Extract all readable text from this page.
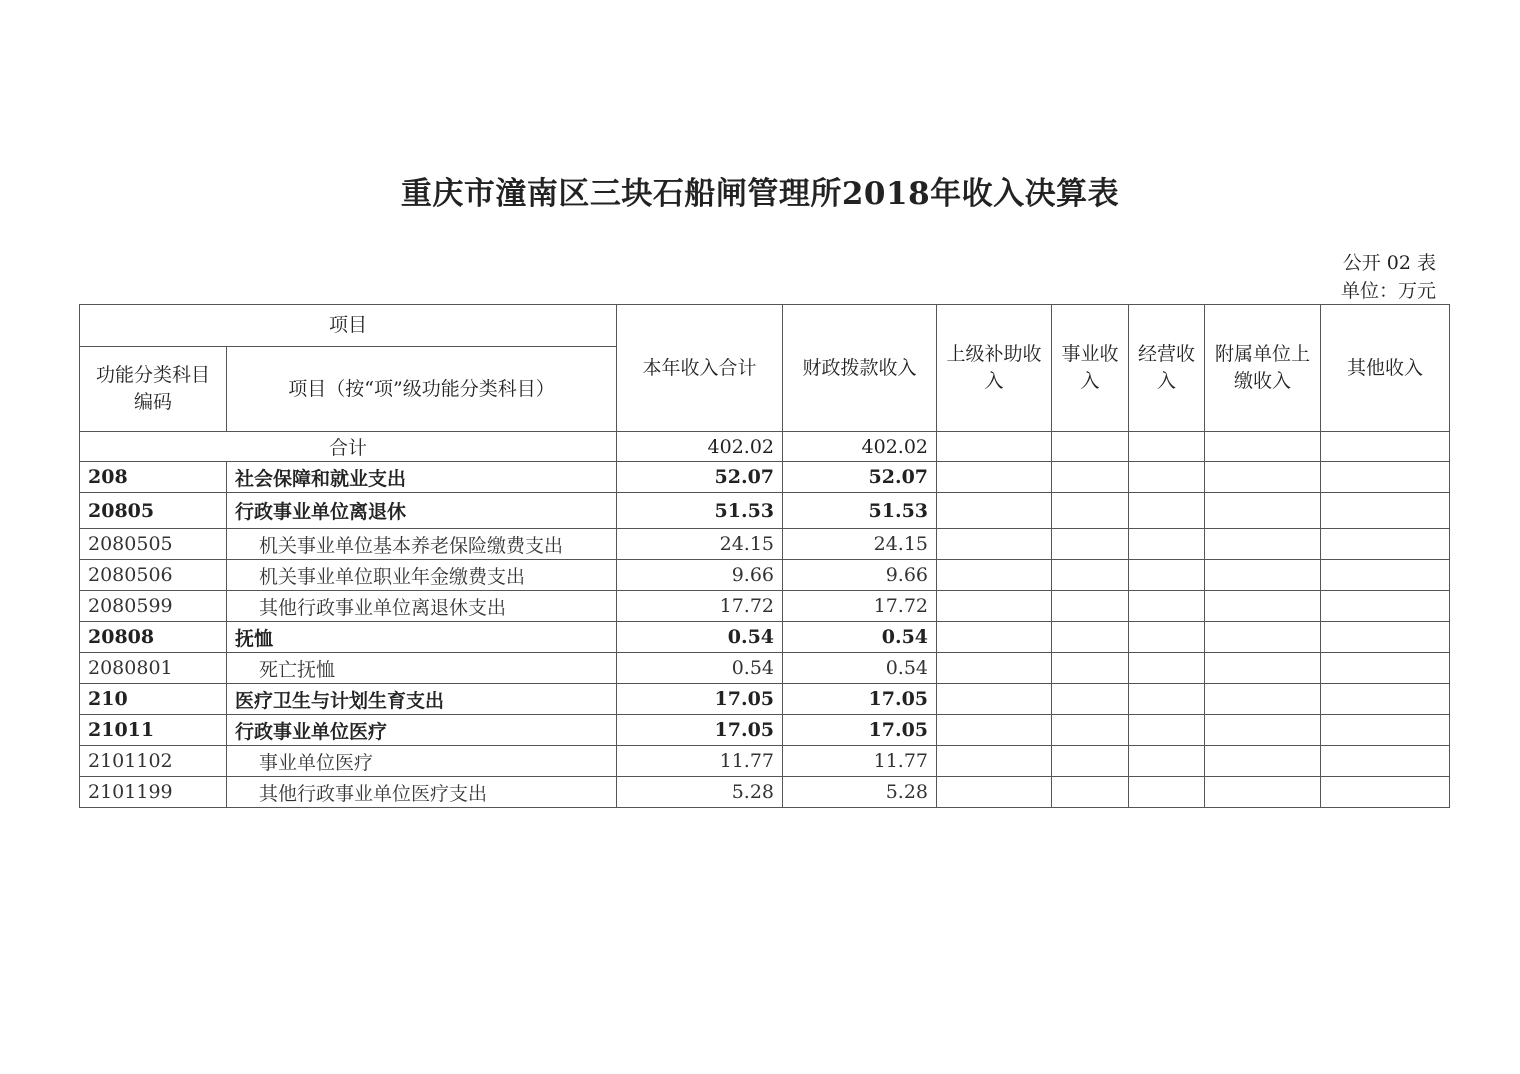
重庆市潼南区三块石船闸管理所2018年收入决算表
公开 02 表
单位：万元
项目		本年收入合计	财政拨款收入	上级补助收入	事业收入	经营收入	附属单位上缴收入	其他收入
功能分类科目编码	项目（按“项”级功能分类科目）							
合计		402.02	402.02					
208	社会保障和就业支出	52.07	52.07					
20805	行政事业单位离退休	51.53	51.53					
2080505	机关事业单位基本养老保险缴费支出	24.15	24.15					
2080506	机关事业单位职业年金缴费支出	9.66	9.66					
2080599	其他行政事业单位离退休支出	17.72	17.72					
20808	抚恤	0.54	0.54					
2080801	死亡抚恤	0.54	0.54					
210	医疗卫生与计划生育支出	17.05	17.05					
21011	行政事业单位医疗	17.05	17.05					
2101102	事业单位医疗	11.77	11.77					
2101199	其他行政事业单位医疗支出	5.28	5.28					
